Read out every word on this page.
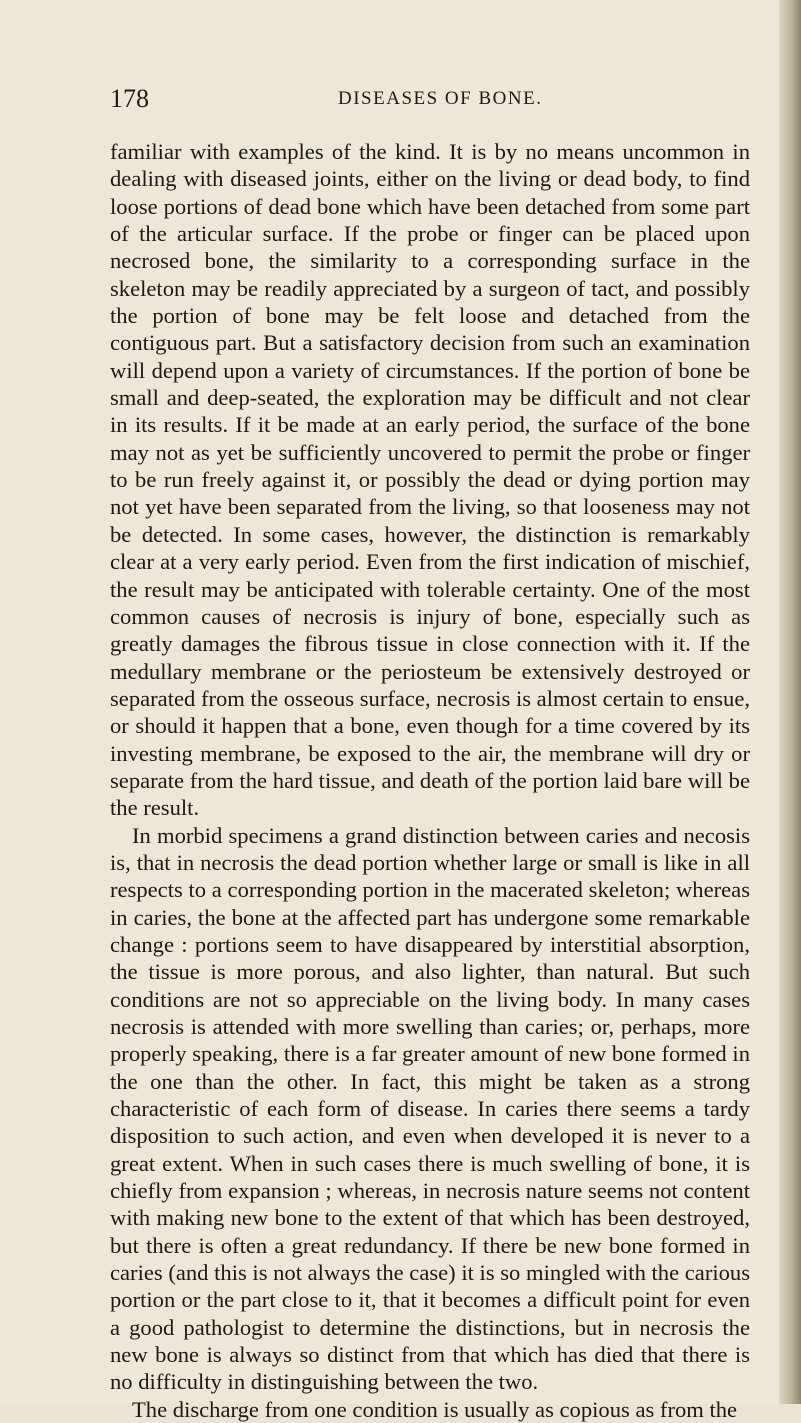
178	DISEASES OF BONE.

familiar with examples of the kind. It is by no means uncommon in dealing with diseased joints, either on the living or dead body, to find loose portions of dead bone which have been detached from some part of the articular surface. If the probe or finger can be placed upon necrosed bone, the similarity to a corresponding surface in the skeleton may be readily appreciated by a surgeon of tact, and possibly the portion of bone may be felt loose and detached from the contiguous part. But a satisfactory decision from such an examination will depend upon a variety of circumstances. If the portion of bone be small and deep-seated, the exploration may be difficult and not clear in its results. If it be made at an early period, the surface of the bone may not as yet be sufficiently uncovered to permit the probe or finger to be run freely against it, or possibly the dead or dying portion may not yet have been separated from the living, so that looseness may not be detected. In some cases, however, the distinction is remarkably clear at a very early period. Even from the first indication of mischief, the result may be anticipated with tolerable certainty. One of the most common causes of necrosis is injury of bone, especially such as greatly damages the fibrous tissue in close connection with it. If the medullary membrane or the periosteum be extensively destroyed or separated from the osseous surface, necrosis is almost certain to ensue, or should it happen that a bone, even though for a time covered by its investing membrane, be exposed to the air, the membrane will dry or separate from the hard tissue, and death of the portion laid bare will be the result.

In morbid specimens a grand distinction between caries and necosis is, that in necrosis the dead portion whether large or small is like in all respects to a corresponding portion in the macerated skeleton; whereas in caries, the bone at the affected part has undergone some remarkable change : portions seem to have disappeared by interstitial absorption, the tissue is more porous, and also lighter, than natural. But such conditions are not so appreciable on the living body. In many cases necrosis is attended with more swelling than caries; or, perhaps, more properly speaking, there is a far greater amount of new bone formed in the one than the other. In fact, this might be taken as a strong characteristic of each form of disease. In caries there seems a tardy disposition to such action, and even when developed it is never to a great extent. When in such cases there is much swelling of bone, it is chiefly from expansion ; whereas, in necrosis nature seems not content with making new bone to the extent of that which has been destroyed, but there is often a great redundancy. If there be new bone formed in caries (and this is not always the case) it is so mingled with the carious portion or the part close to it, that it becomes a difficult point for even a good pathologist to determine the distinctions, but in necrosis the new bone is always so distinct from that which has died that there is no difficulty in distinguishing between the two.

The discharge from one condition is usually as copious as from the
